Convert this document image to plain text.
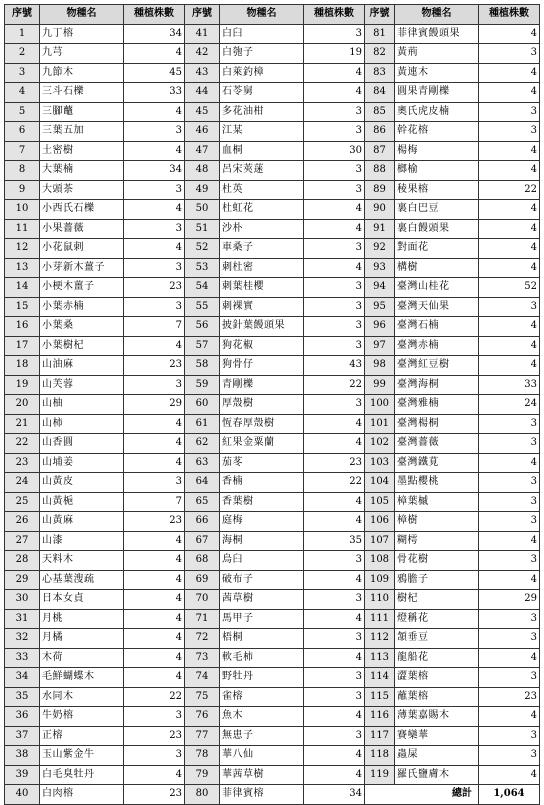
序號	物種名	種植株數	序號	物種名	種植株數	序號	物種名	種植株數
1	九丁榕	34	41	白臼	3	81	菲律賓饅頭果	4
2	九芎	4	42	白匏子	19	82	黃荊	3
3	九節木	45	43	白萊釣樟	4	83	黃連木	4
4	三斗石櫟	33	44	石苓舅	4	84	圓果青剛櫟	4
5	三腳虌	4	45	多花油柑	3	85	奧氏虎皮楠	3
6	三葉五加	3	46	江某	3	86	幹花榕	3
7	土密樹	4	47	血桐	30	87	楊梅	4
8	大葉楠	34	48	呂宋莢蒾	3	88	榔榆	4
9	大頭茶	3	49	杜英	3	89	稜果榕	22
10	小西氏石櫟	4	50	杜虹花	4	90	裏白巴豆	4
11	小果薔薇	3	51	沙朴	4	91	裏白饅頭果	4
12	小花鼠刺	4	52	車桑子	3	92	對面花	4
13	小芽新木薑子	3	53	刺杜密	4	93	構樹	4
14	小梗木薑子	23	54	刺葉桂櫻	3	94	臺灣山桂花	52
15	小葉赤楠	3	55	刺裸實	3	95	臺灣天仙果	3
16	小葉桑	7	56	披針葉饅頭果	3	96	臺灣石楠	4
17	小葉樹杞	4	57	狗花椒	3	97	臺灣赤楠	4
18	山油麻	23	58	狗骨仔	43	98	臺灣紅豆樹	4
19	山芙蓉	3	59	青剛櫟	22	99	臺灣海桐	33
20	山柚	29	60	厚殼樹	3	100	臺灣雅楠	24
21	山柿	4	61	恆春厚殼樹	4	101	臺灣楊桐	3
22	山香圓	4	62	紅果金粟蘭	4	102	臺灣薔薇	3
23	山埔姜	4	63	茄苳	23	103	臺灣鐵莧	4
24	山黃皮	3	64	香楠	22	104	墨點櫻桃	3
25	山黃梔	7	65	香葉樹	4	105	樟葉槭	3
26	山黃麻	23	66	庭梅	4	106	樟樹	3
27	山漆	4	67	海桐	35	107	糊樗	4
28	天料木	4	68	烏臼	3	108	骨花樹	3
29	心基葉溲疏	4	69	破布子	4	109	鴉膽子	4
30	日本女貞	4	70	茜草樹	3	110	樹杞	29
31	月桃	4	71	馬甲子	4	111	燈稱花	3
32	月橘	4	72	梧桐	3	112	頷垂豆	3
33	木荷	4	73	軟毛柿	4	113	龍船花	4
34	毛鮮蝴蝶木	4	74	野牡丹	3	114	澀葉榕	3
35	水同木	22	75	雀榕	3	115	蘸葉榕	23
36	牛奶榕	3	76	魚木	4	116	薄葉嘉賜木	4
37	正榕	23	77	無患子	3	117	賽欒華	3
38	玉山紫金牛	3	78	華八仙	4	118	蟲屎	3
39	白毛臭牡丹	4	79	華茜草樹	4	119	羅氏鹽膚木	4
40	白肉榕	23	80	菲律賓榕	34	總計		1,064
